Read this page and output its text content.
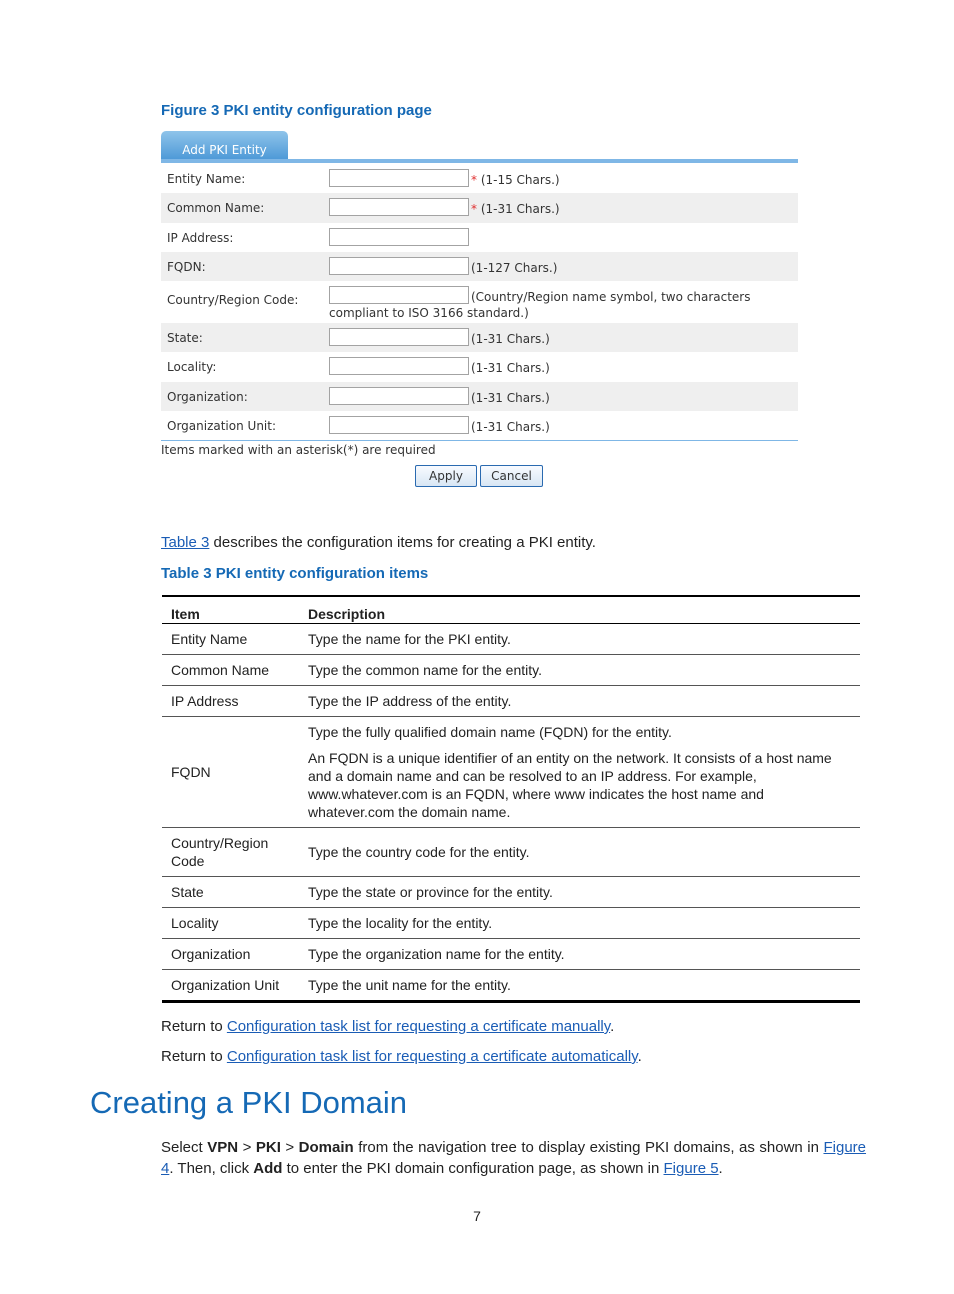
Figure 3 PKI entity configuration page
Add PKI Entity
Entity Name:	* (1-15 Chars.)
Common Name:	* (1-31 Chars.)
IP Address:
FQDN:	(1-127 Chars.)
Country/Region Code:	(Country/Region name symbol, two characters
compliant to ISO 3166 standard.)
State:	(1-31 Chars.)
Locality:	(1-31 Chars.)
Organization:	(1-31 Chars.)
Organization Unit:	(1-31 Chars.)
Items marked with an asterisk(*) are required
Apply	Cancel
Table 3 describes the configuration items for creating a PKI entity.
Table 3 PKI entity configuration items
Item	Description
Entity Name	Type the name for the PKI entity.
Common Name	Type the common name for the entity.
IP Address	Type the IP address of the entity.
FQDN	Type the fully qualified domain name (FQDN) for the entity.

An FQDN is a unique identifier of an entity on the network. It consists of a host name and a domain name and can be resolved to an IP address. For example, www.whatever.com is an FQDN, where www indicates the host name and whatever.com the domain name.

Country/Region Code	Type the country code for the entity.
State	Type the state or province for the entity.
Locality	Type the locality for the entity.
Organization	Type the organization name for the entity.
Organization Unit	Type the unit name for the entity.
Return to Configuration task list for requesting a certificate manually.
Return to Configuration task list for requesting a certificate automatically.
Creating a PKI Domain
Select VPN > PKI > Domain from the navigation tree to display existing PKI domains, as shown in Figure 4. Then, click Add to enter the PKI domain configuration page, as shown in Figure 5.
7
